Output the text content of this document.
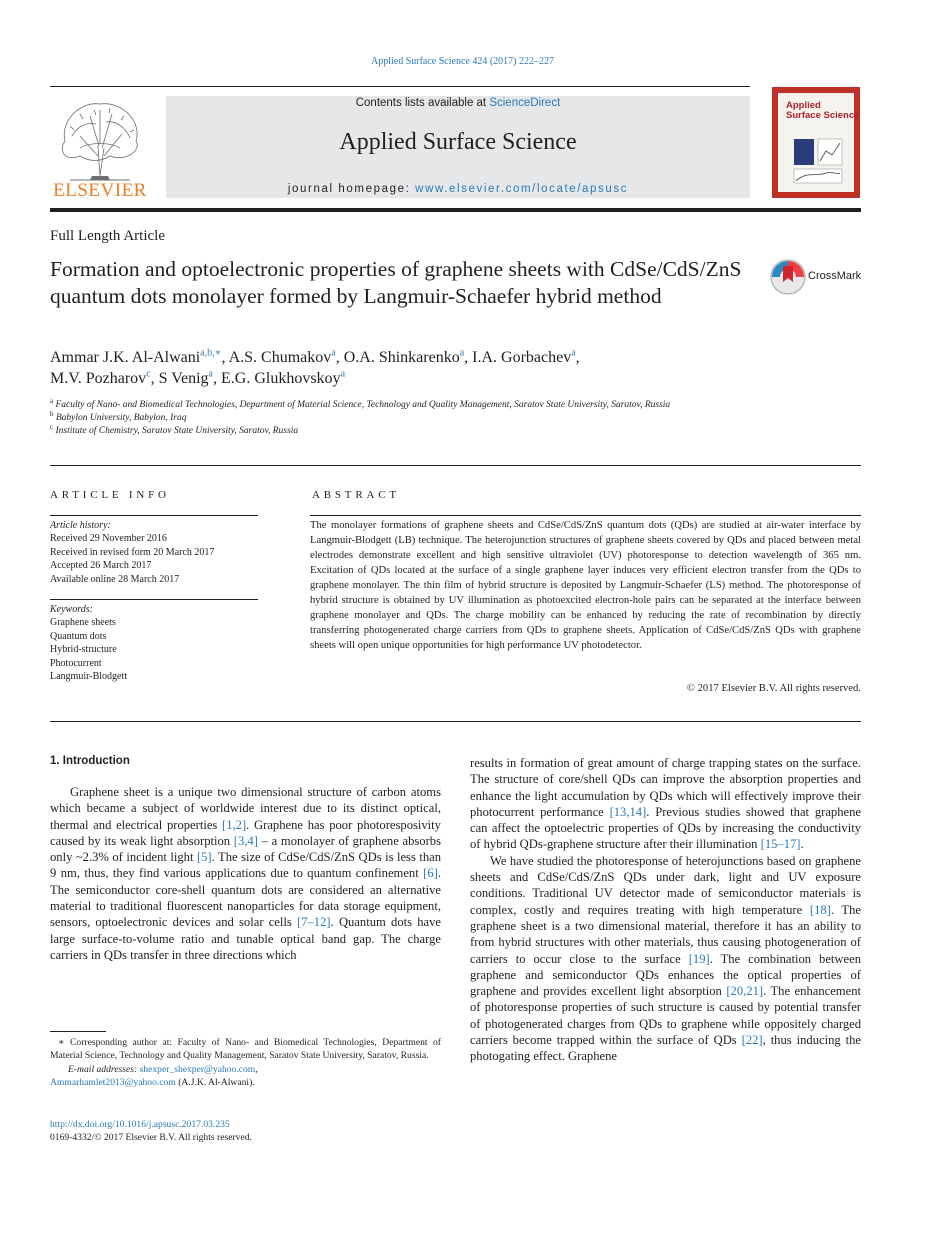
Applied Surface Science 424 (2017) 222–227
ELSEVIER
Contents lists available at ScienceDirect
Applied Surface Science
journal homepage: www.elsevier.com/locate/apsusc
Applied
Surface Science
Full Length Article
Formation and optoelectronic properties of graphene sheets with CdSe/CdS/ZnS quantum dots monolayer formed by Langmuir-Schaefer hybrid method
CrossMark
Ammar J.K. Al-Alwani$^{a,b,∗}$, A.S. Chumakov$^a$, O.A. Shinkarenko$^a$, I.A. Gorbachev$^a$,
M.V. Pozharov$^c$, S Venig$^a$, E.G. Glukhovskoy$^a$
$^a$ Faculty of Nano- and Biomedical Technologies, Department of Material Science, Technology and Quality Management, Saratov State University, Saratov, Russia
$^b$ Babylon University, Babylon, Iraq
$^c$ Institute of Chemistry, Saratov State University, Saratov, Russia
ARTICLE INFO
Article history:
Received 29 November 2016
Received in revised form 20 March 2017
Accepted 26 March 2017
Available online 28 March 2017
Keywords:
Graphene sheets
Quantum dots
Hybrid-structure
Photocurrent
Langmuir-Blodgett
ABSTRACT
The monolayer formations of graphene sheets and CdSe/CdS/ZnS quantum dots (QDs) are studied at air-water interface by Langmuir-Blodgett (LB) technique. The heterojunction structures of graphene sheets covered by QDs and placed between metal electrodes demonstrate excellent and high sensitive ultraviolet (UV) photoresponse to detection wavelength of 365 nm. Excitation of QDs located at the surface of a single graphene layer induces very efficient electron transfer from the QDs to graphene monolayer. The thin film of hybrid structure is deposited by Langmuir-Schaefer (LS) method. The photoresponse of hybrid structure is obtained by UV illumination as photoexcited electron-hole pairs can be separated at the interface between graphene monolayer and QDs. The charge mobility can be enhanced by reducing the rate of recombination by directly transferring photogenerated charge carriers from QDs to graphene sheets. Application of CdSe/CdS/ZnS QDs with graphene sheets will open unique opportunities for high performance UV photodetector.
© 2017 Elsevier B.V. All rights reserved.
1. Introduction
Graphene sheet is a unique two dimensional structure of carbon atoms which became a subject of worldwide interest due to its distinct optical, thermal and electrical properties [1,2]. Graphene has poor photoresposivity caused by its weak light absorption [3,4] – a monolayer of graphene absorbs only ~2.3% of incident light [5]. The size of CdSe/CdS/ZnS QDs is less than 9 nm, thus, they find various applications due to quantum confinement [6]. The semiconductor core-shell quantum dots are considered an alternative material to traditional fluorescent nanoparticles for data storage equipment, sensors, optoelectronic devices and solar cells [7–12]. Quantum dots have large surface-to-volume ratio and tunable optical band gap. The charge carriers in QDs transfer in three directions which

results in formation of great amount of charge trapping states on the surface. The structure of core/shell QDs can improve the absorption properties and enhance the light accumulation by QDs which will effectively improve their photocurrent performance [13,14]. Previous studies showed that graphene can affect the optoelectric properties of QDs by increasing the conductivity of hybrid QDs-graphene structure after their illumination [15–17].

We have studied the photoresponse of heterojunctions based on graphene sheets and CdSe/CdS/ZnS QDs under dark, light and UV exposure conditions. Traditional UV detector made of semiconductor materials is complex, costly and requires treating with high temperature [18]. The graphene sheet is a two dimensional material, therefore it has an ability to from hybrid structures with other materials, thus causing photogeneration of carriers to occur close to the surface [19]. The combination between graphene and semiconductor QDs enhances the optical properties of graphene and provides excellent light absorption [20,21]. The enhancement of photoresponse properties of such structure is caused by potential transfer of photogenerated charges from QDs to graphene while oppositely charged carriers become trapped within the surface of QDs [22], thus inducing the photogating effect. Graphene

∗ Corresponding author at: Faculty of Nano- and Biomedical Technologies, Department of Material Science, Technology and Quality Management, Saratov State University, Saratov, Russia.
E-mail addresses: shexper_shexper@yahoo.com,
Ammarhamlet2013@yahoo.com (A.J.K. Al-Alwani).
http://dx.doi.org/10.1016/j.apsusc.2017.03.235
0169-4332/© 2017 Elsevier B.V. All rights reserved.
